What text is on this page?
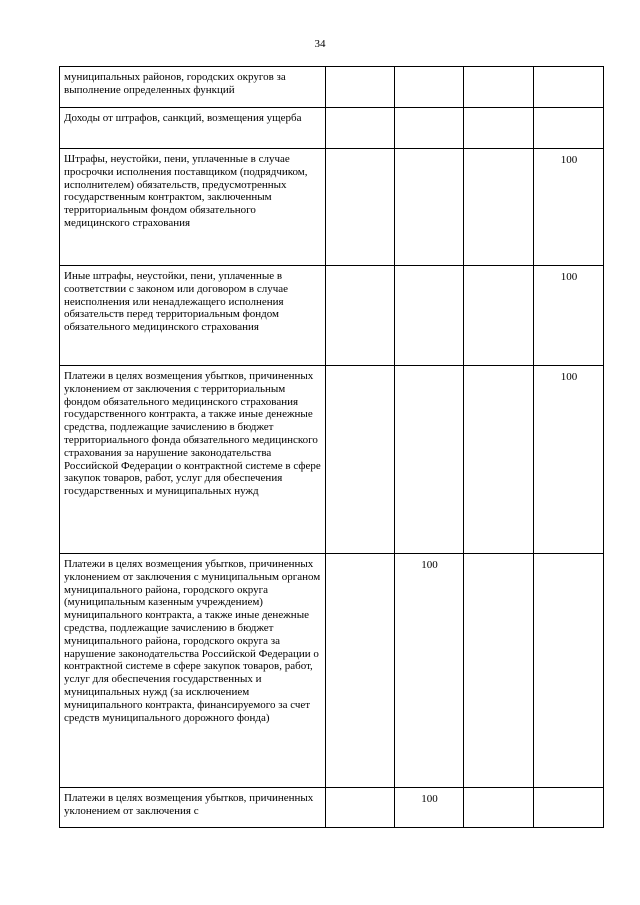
34
муниципальных районов, городских округов за выполнение определенных функций				
Доходы от штрафов, санкций, возмещения ущерба				
Штрафы, неустойки, пени, уплаченные в случае просрочки исполнения поставщиком (подрядчиком, исполнителем) обязательств, предусмотренных государственным контрактом, заключенным территориальным фондом обязательного медицинского страхования				100
Иные штрафы, неустойки, пени, уплаченные в соответствии с законом или договором в случае неисполнения или ненадлежащего исполнения обязательств перед территориальным фондом обязательного медицинского страхования				100
Платежи в целях возмещения убытков, причиненных уклонением от заключения с территориальным фондом обязательного медицинского страхования государственного контракта, а также иные денежные средства, подлежащие зачислению в бюджет территориального фонда обязательного медицинского страхования за нарушение законодательства Российской Федерации о контрактной системе в сфере закупок товаров, работ, услуг для обеспечения государственных и муниципальных нужд				100
Платежи в целях возмещения убытков, причиненных уклонением от заключения с муниципальным органом муниципального района, городского округа (муниципальным казенным учреждением) муниципального контракта, а также иные денежные средства, подлежащие зачислению в бюджет муниципального района, городского округа за нарушение законодательства Российской Федерации о контрактной системе в сфере закупок товаров, работ, услуг для обеспечения государственных и муниципальных нужд (за исключением муниципального контракта, финансируемого за счет средств муниципального дорожного фонда)		100		
Платежи в целях возмещения убытков, причиненных уклонением от заключения с		100		
